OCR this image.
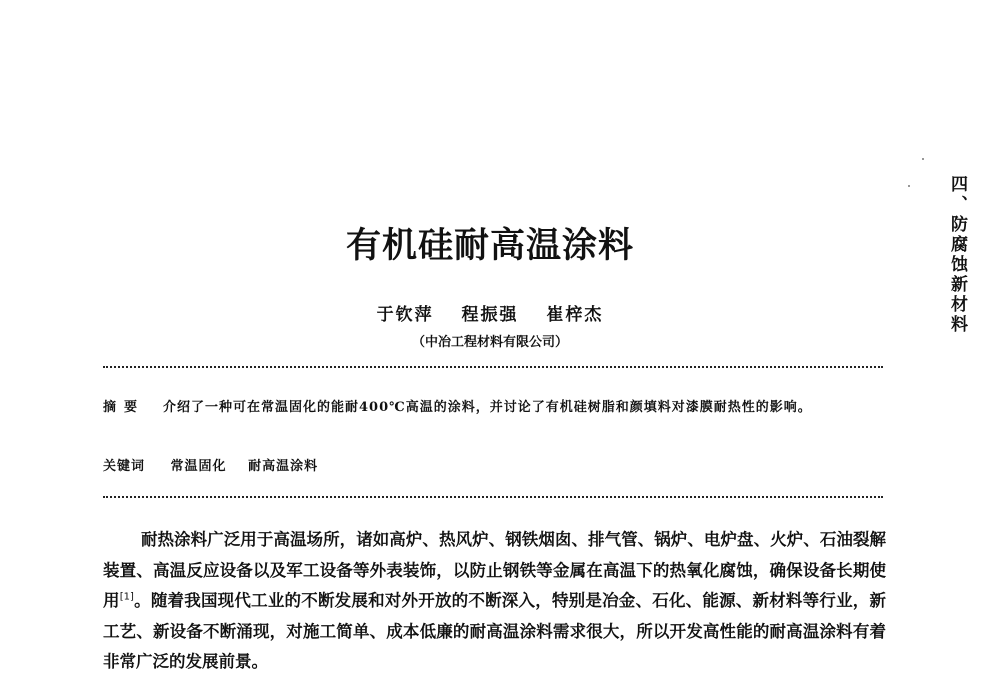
四、防腐蚀新材料
有机硅耐高温涂料
于钦萍 程振强 崔梓杰
（中冶工程材料有限公司）
摘要 介绍了一种可在常温固化的能耐400℃高温的涂料，并讨论了有机硅树脂和颜填料对漆膜耐热性的影响。
关键词 常温固化 耐高温涂料
耐热涂料广泛用于高温场所，诸如高炉、热风炉、钢铁烟囱、排气管、锅炉、电炉盘、火炉、石油裂解装置、高温反应设备以及军工设备等外表装饰，以防止钢铁等金属在高温下的热氧化腐蚀，确保设备长期使用[1]。随着我国现代工业的不断发展和对外开放的不断深入，特别是冶金、石化、能源、新材料等行业，新工艺、新设备不断涌现，对施工简单、成本低廉的耐高温涂料需求很大，所以开发高性能的耐高温涂料有着非常广泛的发展前景。
